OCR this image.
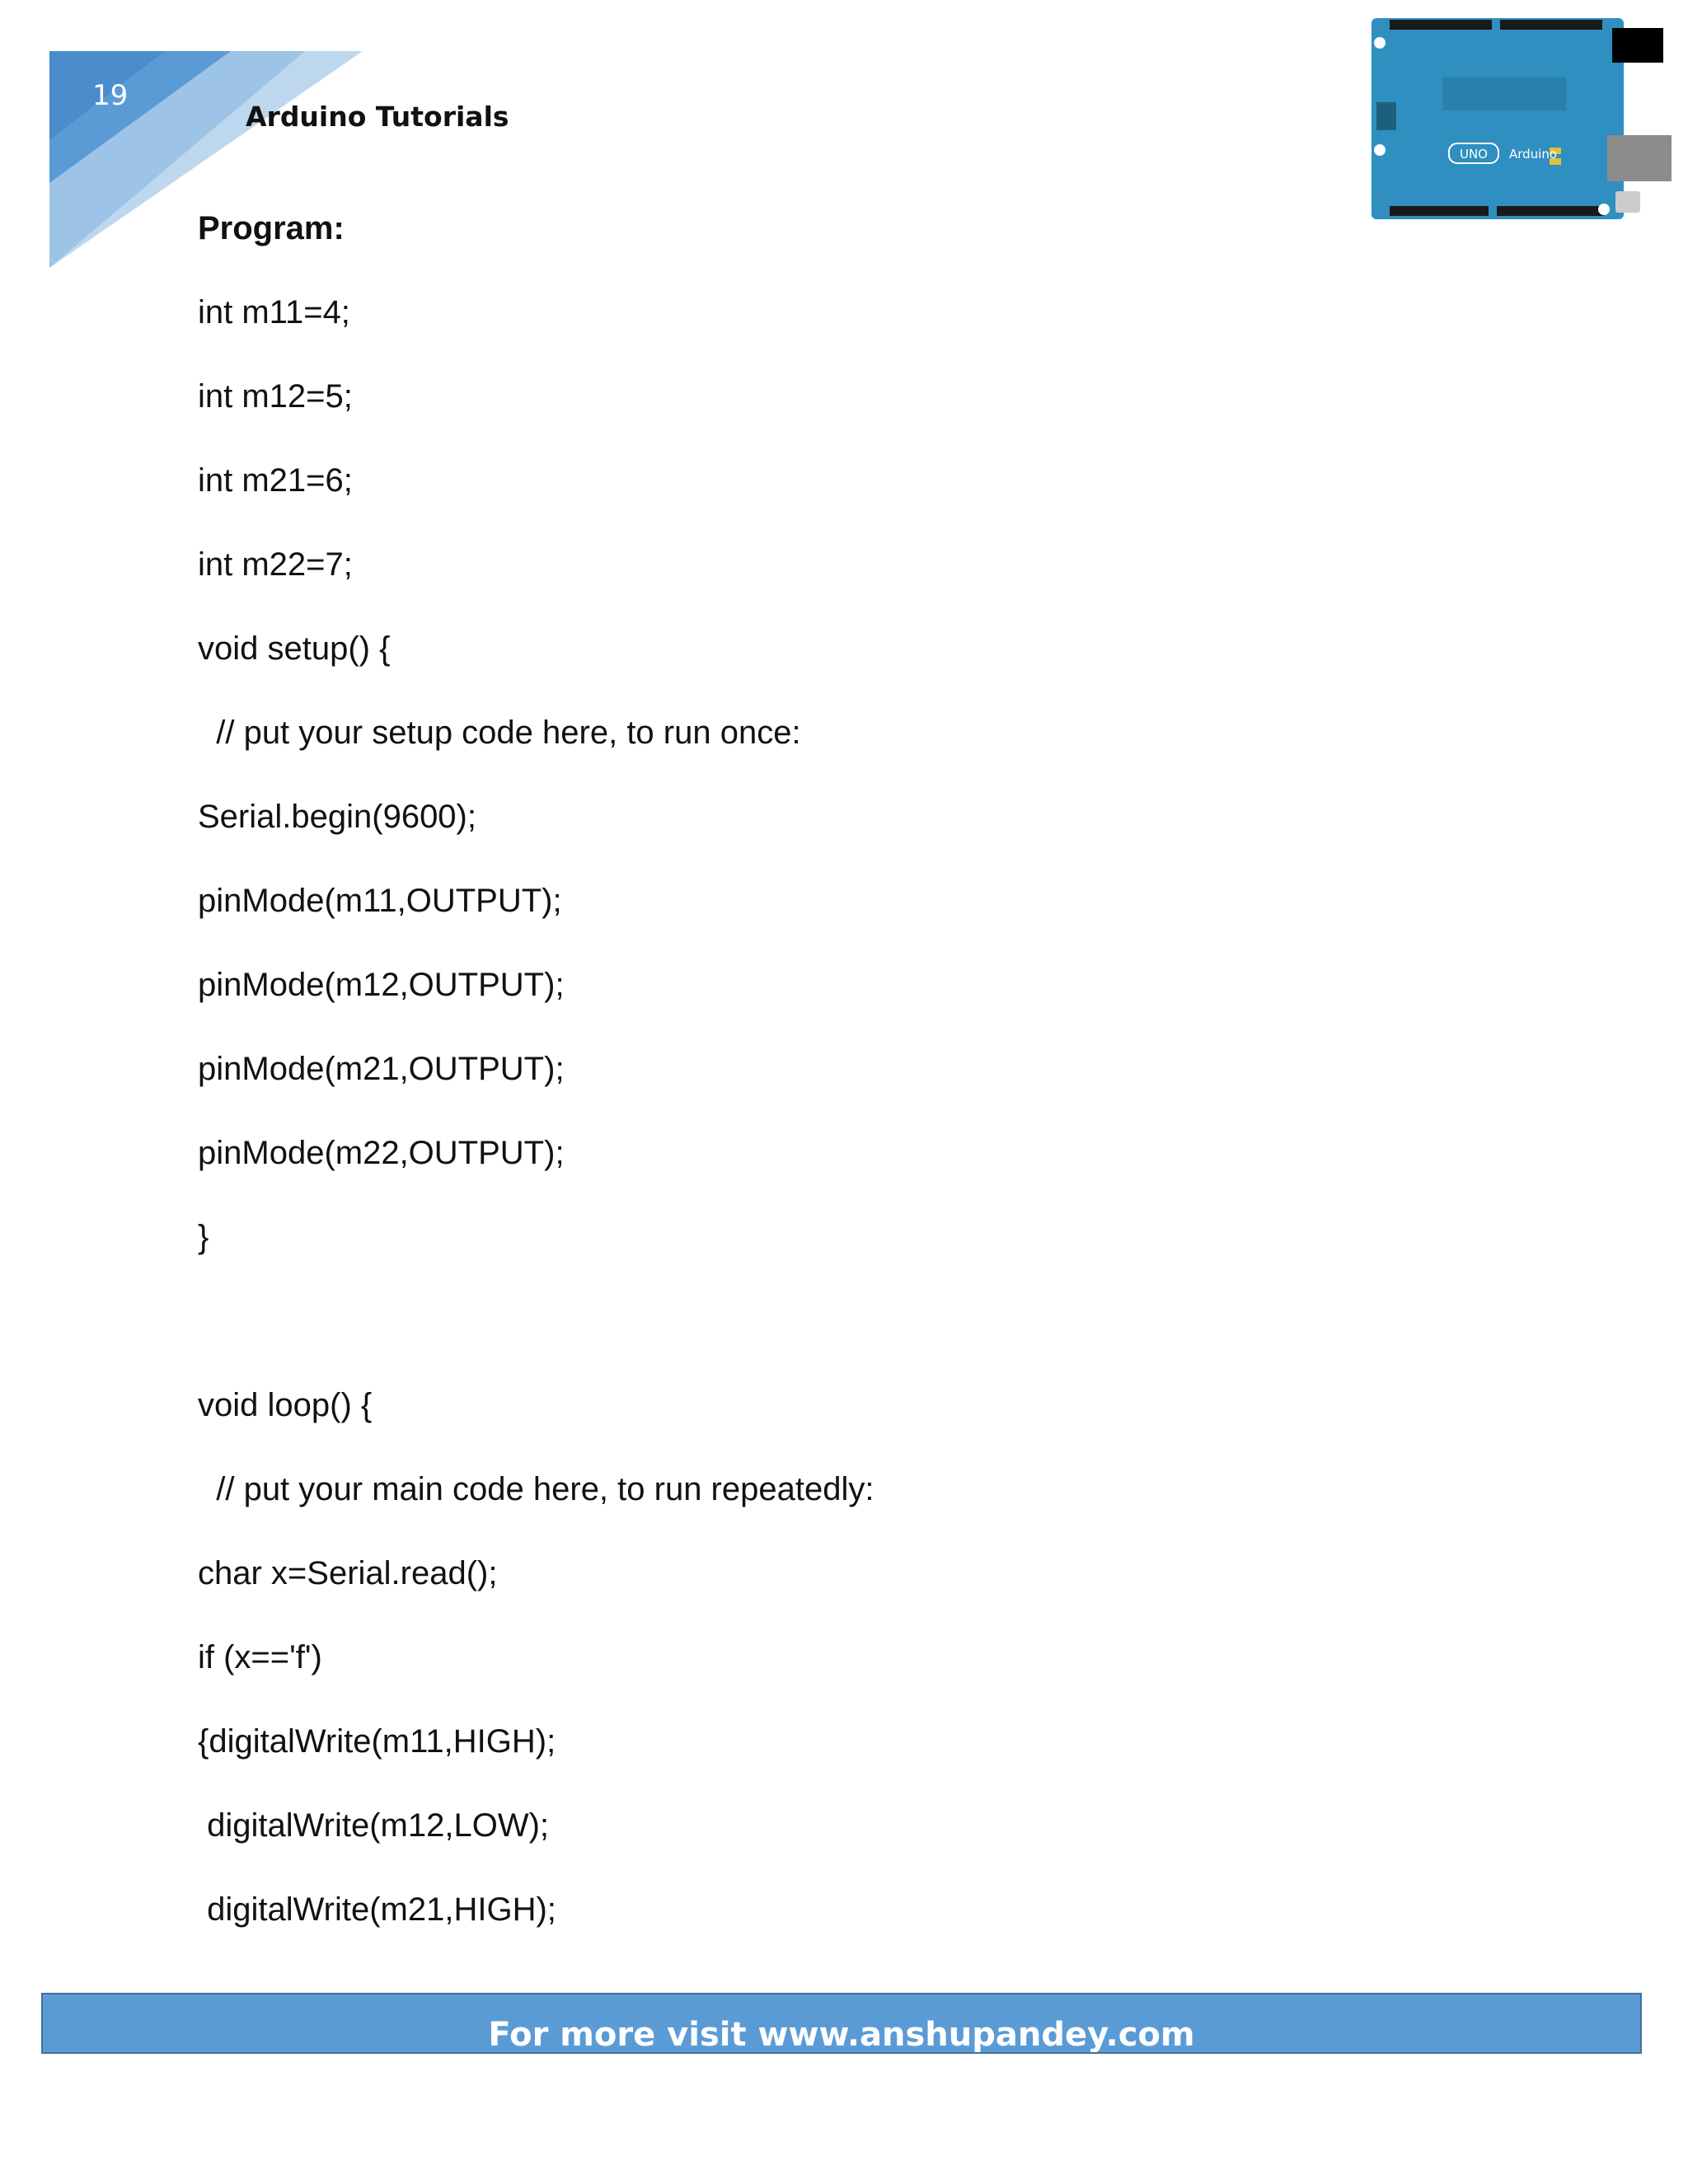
19
Arduino Tutorials
UNO Arduino
Program:
int m11=4;
int m12=5;
int m21=6;
int m22=7;
void setup() {
// put your setup code here, to run once:
Serial.begin(9600);
pinMode(m11,OUTPUT);
pinMode(m12,OUTPUT);
pinMode(m21,OUTPUT);
pinMode(m22,OUTPUT);
}
void loop() {
// put your main code here, to run repeatedly:
char x=Serial.read();
if (x=='f')
{digitalWrite(m11,HIGH);
digitalWrite(m12,LOW);
digitalWrite(m21,HIGH);
For more visit www.anshupandey.com
